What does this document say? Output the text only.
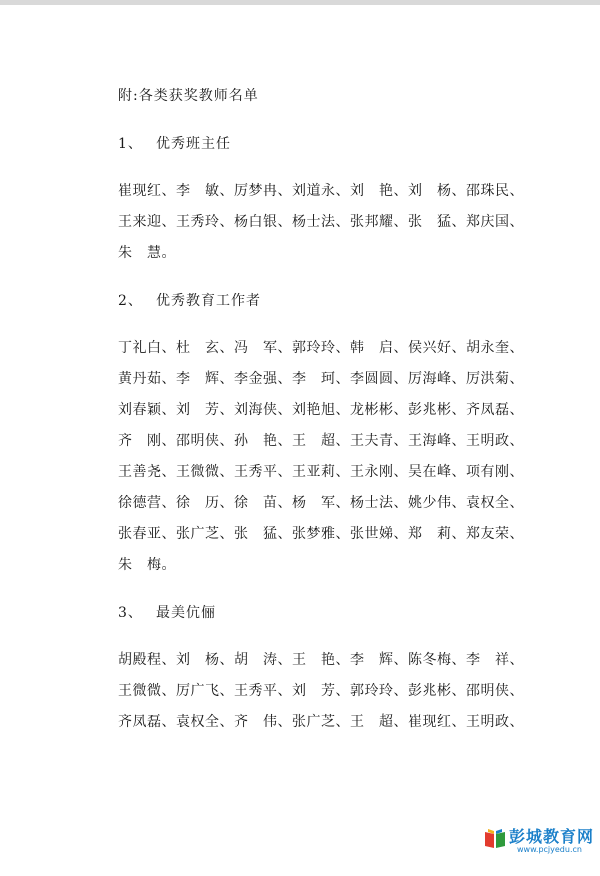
附:各类获奖教师名单
1、 优秀班主任
崔现红、李　敏、厉梦冉、刘道永、刘　艳、刘　杨、邵珠民、
王来迎、王秀玲、杨白银、杨士法、张邦耀、张　猛、郑庆国、
朱　慧。
2、 优秀教育工作者
丁礼白、杜　玄、冯　军、郭玲玲、韩　启、侯兴好、胡永奎、
黄丹茹、李　辉、李金强、李　珂、李圆圆、厉海峰、厉洪菊、
刘春颖、刘　芳、刘海侠、刘艳旭、龙彬彬、彭兆彬、齐凤磊、
齐　刚、邵明侠、孙　艳、王　超、王夫青、王海峰、王明政、
王善尧、王微微、王秀平、王亚莉、王永刚、吴在峰、项有刚、
徐德营、徐　历、徐　苗、杨　军、杨士法、姚少伟、袁权全、
张春亚、张广芝、张　猛、张梦雅、张世娣、郑　莉、郑友荣、
朱　梅。
3、 最美伉俪
胡殿程、刘　杨、胡　涛、王　艳、李　辉、陈冬梅、李　祥、
王微微、厉广飞、王秀平、刘　芳、郭玲玲、彭兆彬、邵明侠、
齐凤磊、袁权全、齐　伟、张广芝、王　超、崔现红、王明政、
彭城教育网
www.pcjyedu.cn
